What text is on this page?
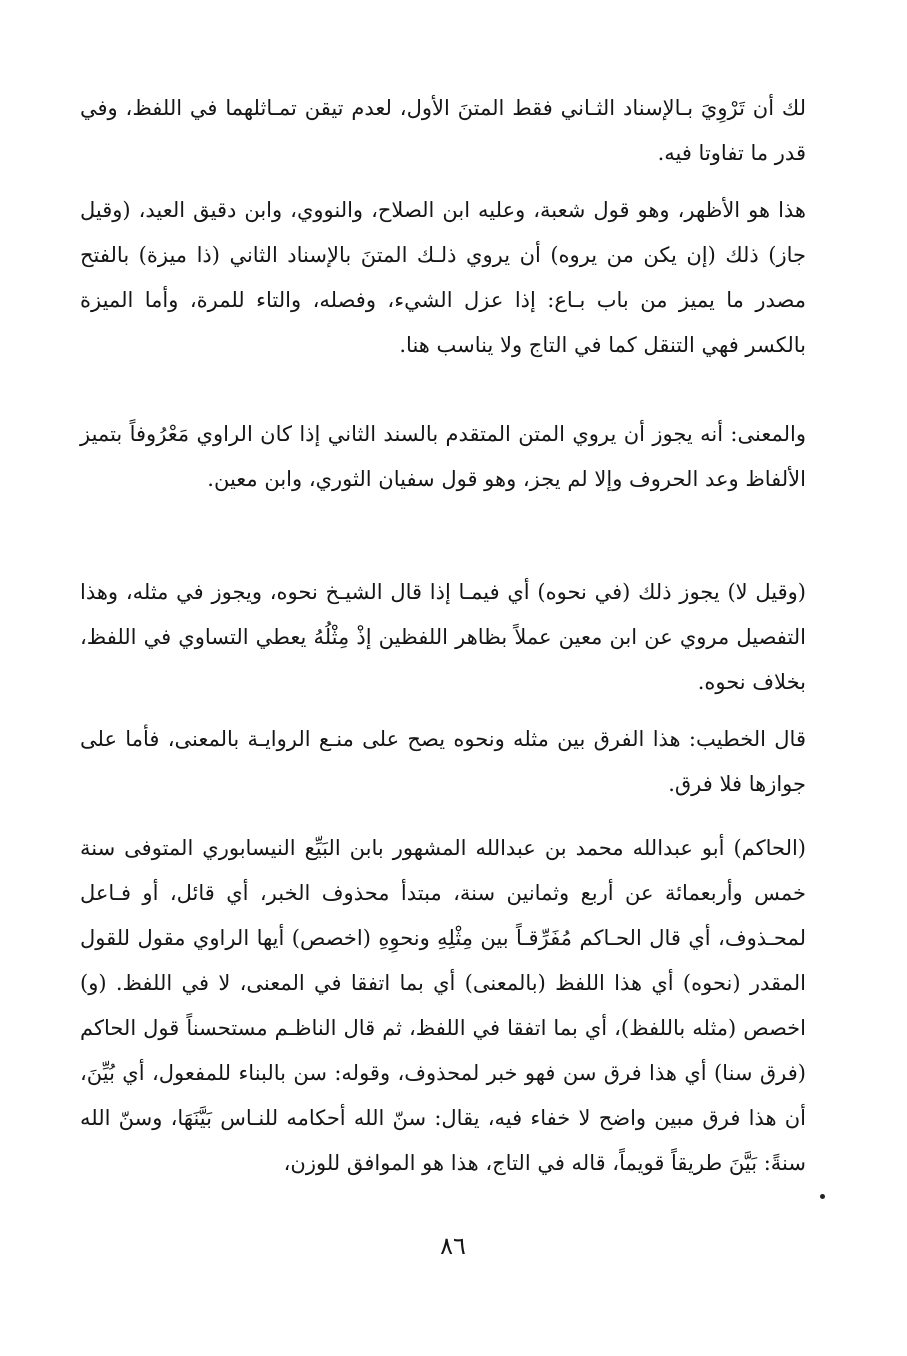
لك أن تَرْوِيَ بـالإسناد الثـاني فقط المتنَ الأول، لعدم تيقن تمـاثلهما في اللفظ، وفي قدر ما تفاوتا فيه.

هذا هو الأظهر، وهو قول شعبة، وعليه ابن الصلاح، والنووي، وابن دقيق العيد، (وقيل جاز) ذلك (إن يكن من يروه) أن يروي ذلـك المتنَ بالإسناد الثاني (ذا ميزة) بالفتح مصدر ما يميز من باب بـاع: إذا عزل الشيء، وفصله، والتاء للمرة، وأما الميزة بالكسر فهي التنقل كما في التاج ولا يناسب هنا.

والمعنى: أنه يجوز أن يروي المتن المتقدم بالسند الثاني إذا كان الراوي مَعْرُوفاً بتميز الألفاظ وعد الحروف وإلا لم يجز، وهو قول سفيان الثوري، وابن معين.

(وقيل لا) يجوز ذلك (في نحوه) أي فيمـا إذا قال الشيـخ نحوه، ويجوز في مثله، وهذا التفصيل مروي عن ابن معين عملاً بظاهر اللفظين إذْ مِثْلُهُ يعطي التساوي في اللفظ، بخلاف نحوه.

قال الخطيب: هذا الفرق بين مثله ونحوه يصح على منـع الروايـة بالمعنى، فأما على جوازها فلا فرق.

(الحاكم) أبو عبدالله محمد بن عبدالله المشهور بابن البَيِّع النيسابوري المتوفى سنة خمس وأربعمائة عن أربع وثمانين سنة، مبتدأ محذوف الخبر، أي قائل، أو فـاعل لمحـذوف، أي قال الحـاكم مُفَرِّقـاً بين مِثْلِهِ ونحوِهِ (اخصص) أيها الراوي مقول للقول المقدر (نحوه) أي هذا اللفظ (بالمعنى) أي بما اتفقا في المعنى، لا في اللفظ. (و) اخصص (مثله باللفظ)، أي بما اتفقا في اللفظ، ثم قال الناظـم مستحسناً قول الحاكم (فرق سنا) أي هذا فرق سن فهو خبر لمحذوف، وقوله: سن بالبناء للمفعول، أي بُيِّنَ، أن هذا فرق مبين واضح لا خفاء فيه، يقال: سنّ الله أحكامه للنـاس بَيَّنَهَا، وسنّ الله سنةً: بَيَّنَ طريقاً قويماً، قاله في التاج، هذا هو الموافق للوزن،

٨٦
